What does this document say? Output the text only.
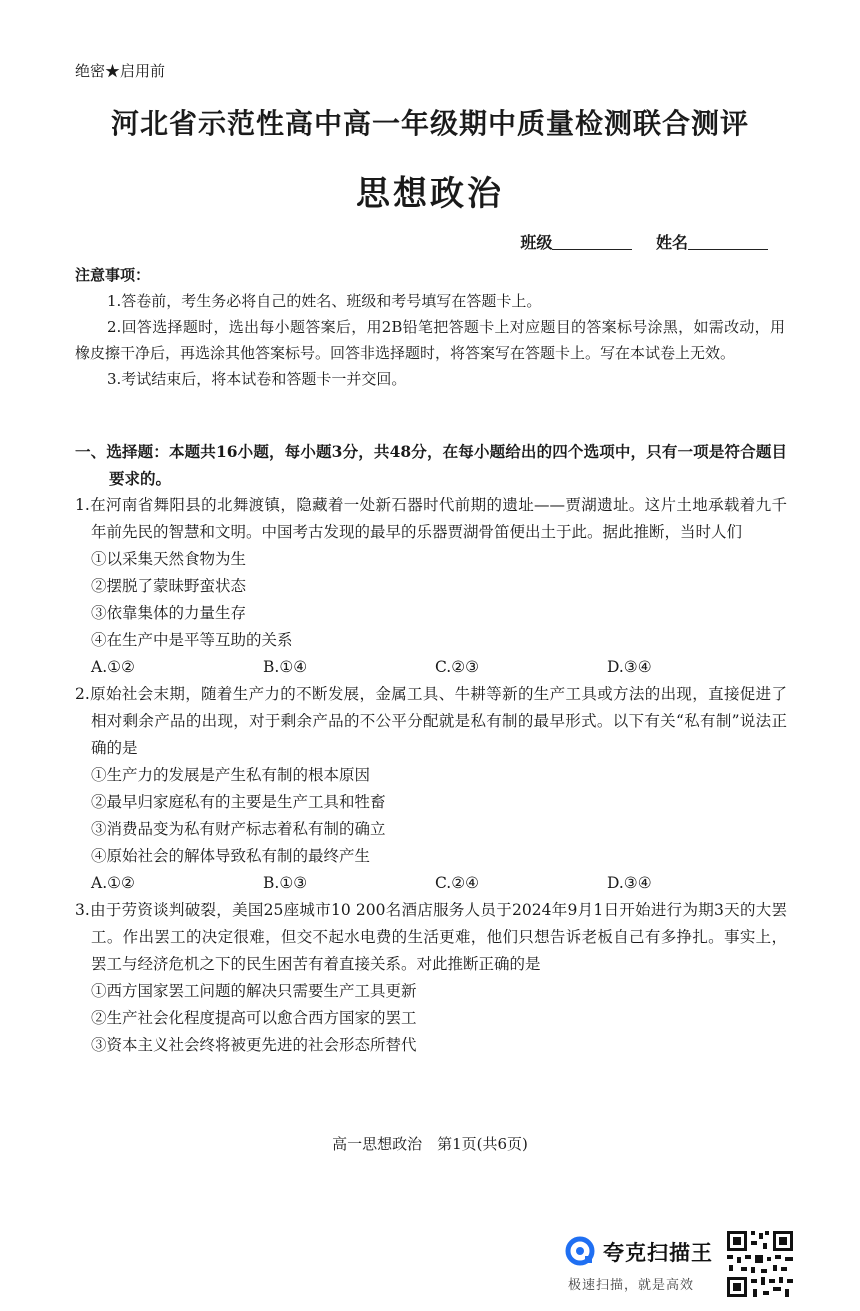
绝密★启用前
河北省示范性高中高一年级期中质量检测联合测评
思想政治
班级	姓名
注意事项：
1.答卷前，考生务必将自己的姓名、班级和考号填写在答题卡上。
2.回答选择题时，选出每小题答案后，用2B铅笔把答题卡上对应题目的答案标号涂黑，如需改动，用橡皮擦干净后，再选涂其他答案标号。回答非选择题时，将答案写在答题卡上。写在本试卷上无效。
3.考试结束后，将本试卷和答题卡一并交回。
一、选择题：本题共16小题，每小题3分，共48分，在每小题给出的四个选项中，只有一项是符合题目要求的。
1.在河南省舞阳县的北舞渡镇，隐藏着一处新石器时代前期的遗址——贾湖遗址。这片土地承载着九千年前先民的智慧和文明。中国考古发现的最早的乐器贾湖骨笛便出土于此。据此推断，当时人们
①以采集天然食物为生
②摆脱了蒙昧野蛮状态
③依靠集体的力量生存
④在生产中是平等互助的关系
A.①②	B.①④	C.②③	D.③④
2.原始社会末期，随着生产力的不断发展，金属工具、牛耕等新的生产工具或方法的出现，直接促进了相对剩余产品的出现，对于剩余产品的不公平分配就是私有制的最早形式。以下有关“私有制”说法正确的是
①生产力的发展是产生私有制的根本原因
②最早归家庭私有的主要是生产工具和牲畜
③消费品变为私有财产标志着私有制的确立
④原始社会的解体导致私有制的最终产生
A.①②	B.①③	C.②④	D.③④
3.由于劳资谈判破裂，美国25座城市10 200名酒店服务人员于2024年9月1日开始进行为期3天的大罢工。作出罢工的决定很难，但交不起水电费的生活更难，他们只想告诉老板自己有多挣扎。事实上，罢工与经济危机之下的民生困苦有着直接关系。对此推断正确的是
①西方国家罢工问题的解决只需要生产工具更新
②生产社会化程度提高可以愈合西方国家的罢工
③资本主义社会终将被更先进的社会形态所替代
高一思想政治　第1页(共6页)
夸克扫描王
极速扫描，就是高效
